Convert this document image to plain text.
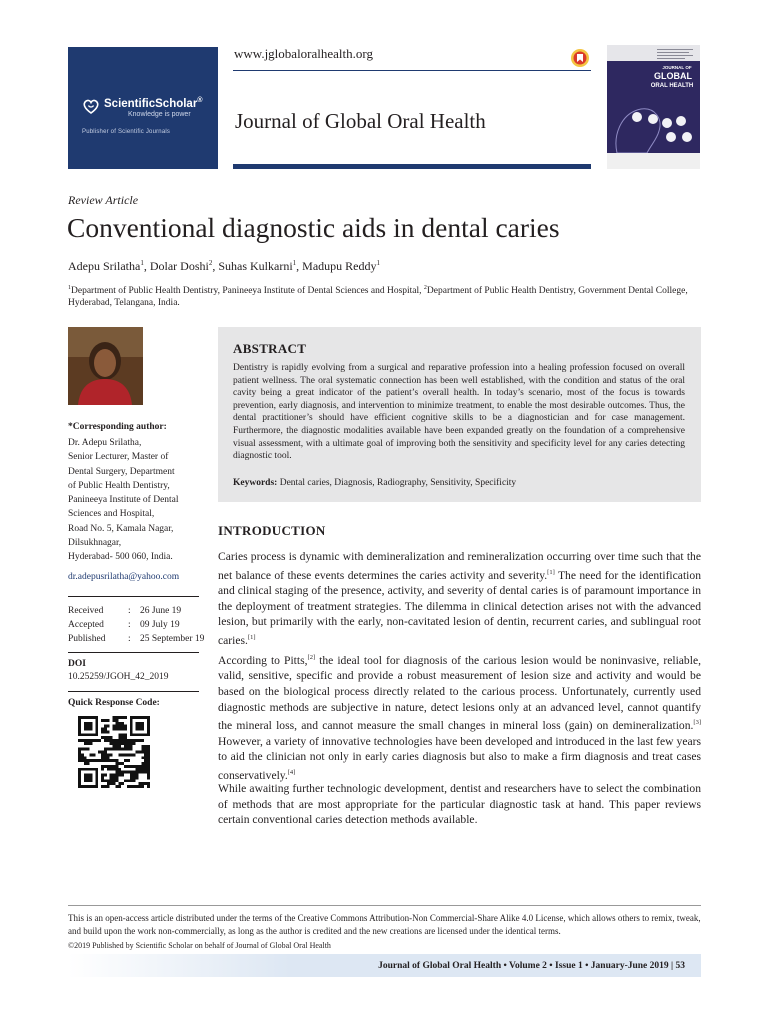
ScientificScholar®
Knowledge is power
Publisher of Scientific Journals
www.jglobaloralhealth.org
Journal of Global Oral Health
JOURNAL OF
GLOBAL
ORAL HEALTH
Review Article
Conventional diagnostic aids in dental caries
Adepu Srilatha$^1$, Dolar Doshi$^2$, Suhas Kulkarni$^1$, Madupu Reddy$^1$
$^1$Department of Public Health Dentistry, Panineeya Institute of Dental Sciences and Hospital, $^2$Department of Public Health Dentistry, Government Dental College, Hyderabad, Telangana, India.
*Corresponding author:
Dr. Adepu Srilatha,
Senior Lecturer, Master of
Dental Surgery, Department
of Public Health Dentistry,
Panineeya Institute of Dental
Sciences and Hospital,
Road No. 5, Kamala Nagar,
Dilsukhnagar,
Hyderabad- 500 060, India.
dr.adepusrilatha@yahoo.com
Received	: 26 June 19
Accepted	: 09 July 19
Published	: 25 September 19
DOI
10.25259/JGOH_42_2019
Quick Response Code:
ABSTRACT
Dentistry is rapidly evolving from a surgical and reparative profession into a healing profession focused on overall patient wellness. The oral systematic connection has been well established, with the condition and status of the oral cavity being a great indicator of the patient’s overall health. In today’s scenario, most of the focus is towards prevention, early diagnosis, and intervention to minimize treatment, to enable the most desirable outcomes. Thus, the dental practitioner’s should have efficient cognitive skills to be a diagnostician and for case management. Furthermore, the diagnostic modalities available have been expanded greatly on the foundation of a comprehensive visual assessment, with a ultimate goal of improving both the sensitivity and specificity level for any caries detecting diagnostic tool.
Keywords: Dental caries, Diagnosis, Radiography, Sensitivity, Specificity
INTRODUCTION
Caries process is dynamic with demineralization and remineralization occurring over time such that the net balance of these events determines the caries activity and severity.[1] The need for the identification and clinical staging of the presence, activity, and severity of dental caries is of paramount importance in the deployment of treatment strategies. The dilemma in clinical detection arises not with the advanced lesion, but primarily with the early, non-cavitated lesion of dentin, recurrent caries, and sublingual root caries.[1]
According to Pitts,[2] the ideal tool for diagnosis of the carious lesion would be noninvasive, reliable, valid, sensitive, specific and provide a robust measurement of lesion size and activity and would be based on the biological process directly related to the carious process. Unfortunately, currently used diagnostic methods are subjective in nature, detect lesions only at an advanced level, cannot quantify the mineral loss, and cannot measure the small changes in mineral loss (gain) on demineralization.[3] However, a variety of innovative technologies have been developed and introduced in the last few years to aid the clinician not only in early caries diagnosis but also to make a firm diagnosis and treat cases conservatively.[4]
While awaiting further technologic development, dentist and researchers have to select the combination of methods that are most appropriate for the particular diagnostic task at hand. This paper reviews certain conventional caries detection methods available.
This is an open-access article distributed under the terms of the Creative Commons Attribution-Non Commercial-Share Alike 4.0 License, which allows others to remix, tweak, and build upon the work non-commercially, as long as the author is credited and the new creations are licensed under the identical terms.
©2019 Published by Scientific Scholar on behalf of Journal of Global Oral Health
Journal of Global Oral Health • Volume 2 • Issue 1 • January-June 2019 | 53
